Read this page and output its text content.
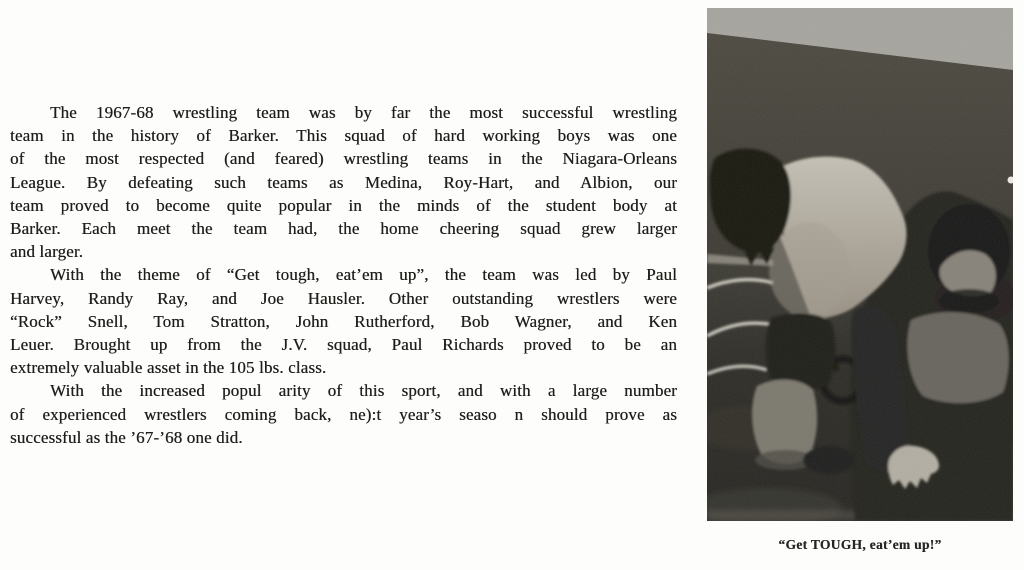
The 1967-68 wrestling team was by far the most successful wrestling
team in the history of Barker. This squad of hard working boys was one
of the most respected (and feared) wrestling teams in the Niagara-Orleans
League. By defeating such teams as Medina, Roy-Hart, and Albion, our
team proved to become quite popular in the minds of the student body at
Barker. Each meet the team had, the home cheering squad grew larger
and larger.
With the theme of “Get tough, eat’em up”, the team was led by Paul
Harvey, Randy Ray, and Joe Hausler. Other outstanding wrestlers were
“Rock” Snell, Tom Stratton, John Rutherford, Bob Wagner, and Ken
Leuer. Brought up from the J.V. squad, Paul Richards proved to be an
extremely valuable asset in the 105 lbs. class.
With the increased popul arity of this sport, and with a large number
of experienced wrestlers coming back, ne):t year’s seaso n should prove as
successful as the ’67-’68 one did.
“Get TOUGH, eat’em up!”
